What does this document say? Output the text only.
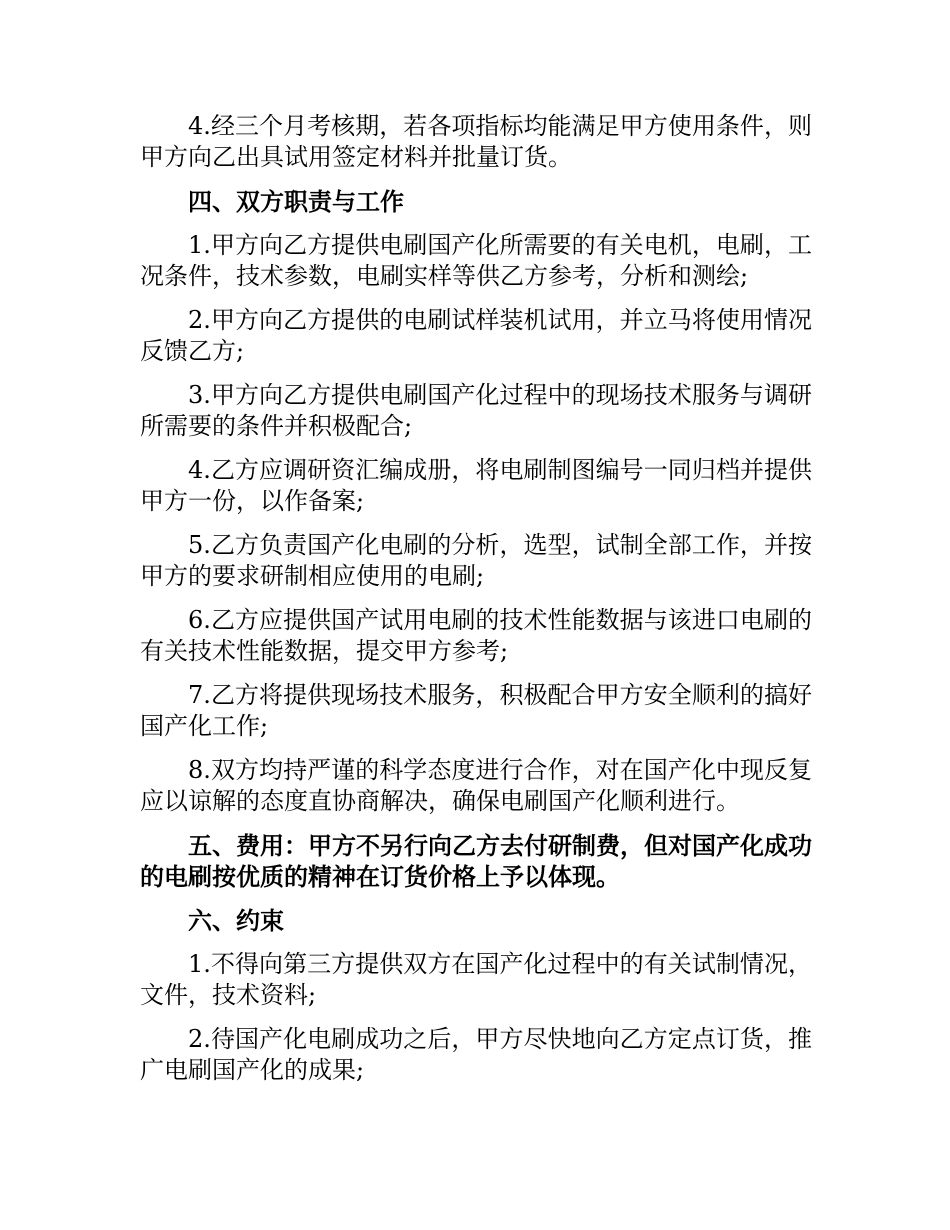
4.经三个月考核期，若各项指标均能满足甲方使用条件，则甲方向乙出具试用签定材料并批量订货。

四、双方职责与工作

1.甲方向乙方提供电刷国产化所需要的有关电机，电刷，工况条件，技术参数，电刷实样等供乙方参考，分析和测绘;

2.甲方向乙方提供的电刷试样装机试用，并立马将使用情况反馈乙方;

3.甲方向乙方提供电刷国产化过程中的现场技术服务与调研所需要的条件并积极配合;

4.乙方应调研资汇编成册，将电刷制图编号一同归档并提供甲方一份，以作备案;

5.乙方负责国产化电刷的分析，选型，试制全部工作，并按甲方的要求研制相应使用的电刷;

6.乙方应提供国产试用电刷的技术性能数据与该进口电刷的有关技术性能数据，提交甲方参考;

7.乙方将提供现场技术服务，积极配合甲方安全顺利的搞好国产化工作;

8.双方均持严谨的科学态度进行合作，对在国产化中现反复应以谅解的态度直协商解决，确保电刷国产化顺利进行。

五、费用：甲方不另行向乙方去付研制费，但对国产化成功的电刷按优质的精神在订货价格上予以体现。

六、约束

1.不得向第三方提供双方在国产化过程中的有关试制情况，文件，技术资料;

2.待国产化电刷成功之后，甲方尽快地向乙方定点订货，推广电刷国产化的成果;
